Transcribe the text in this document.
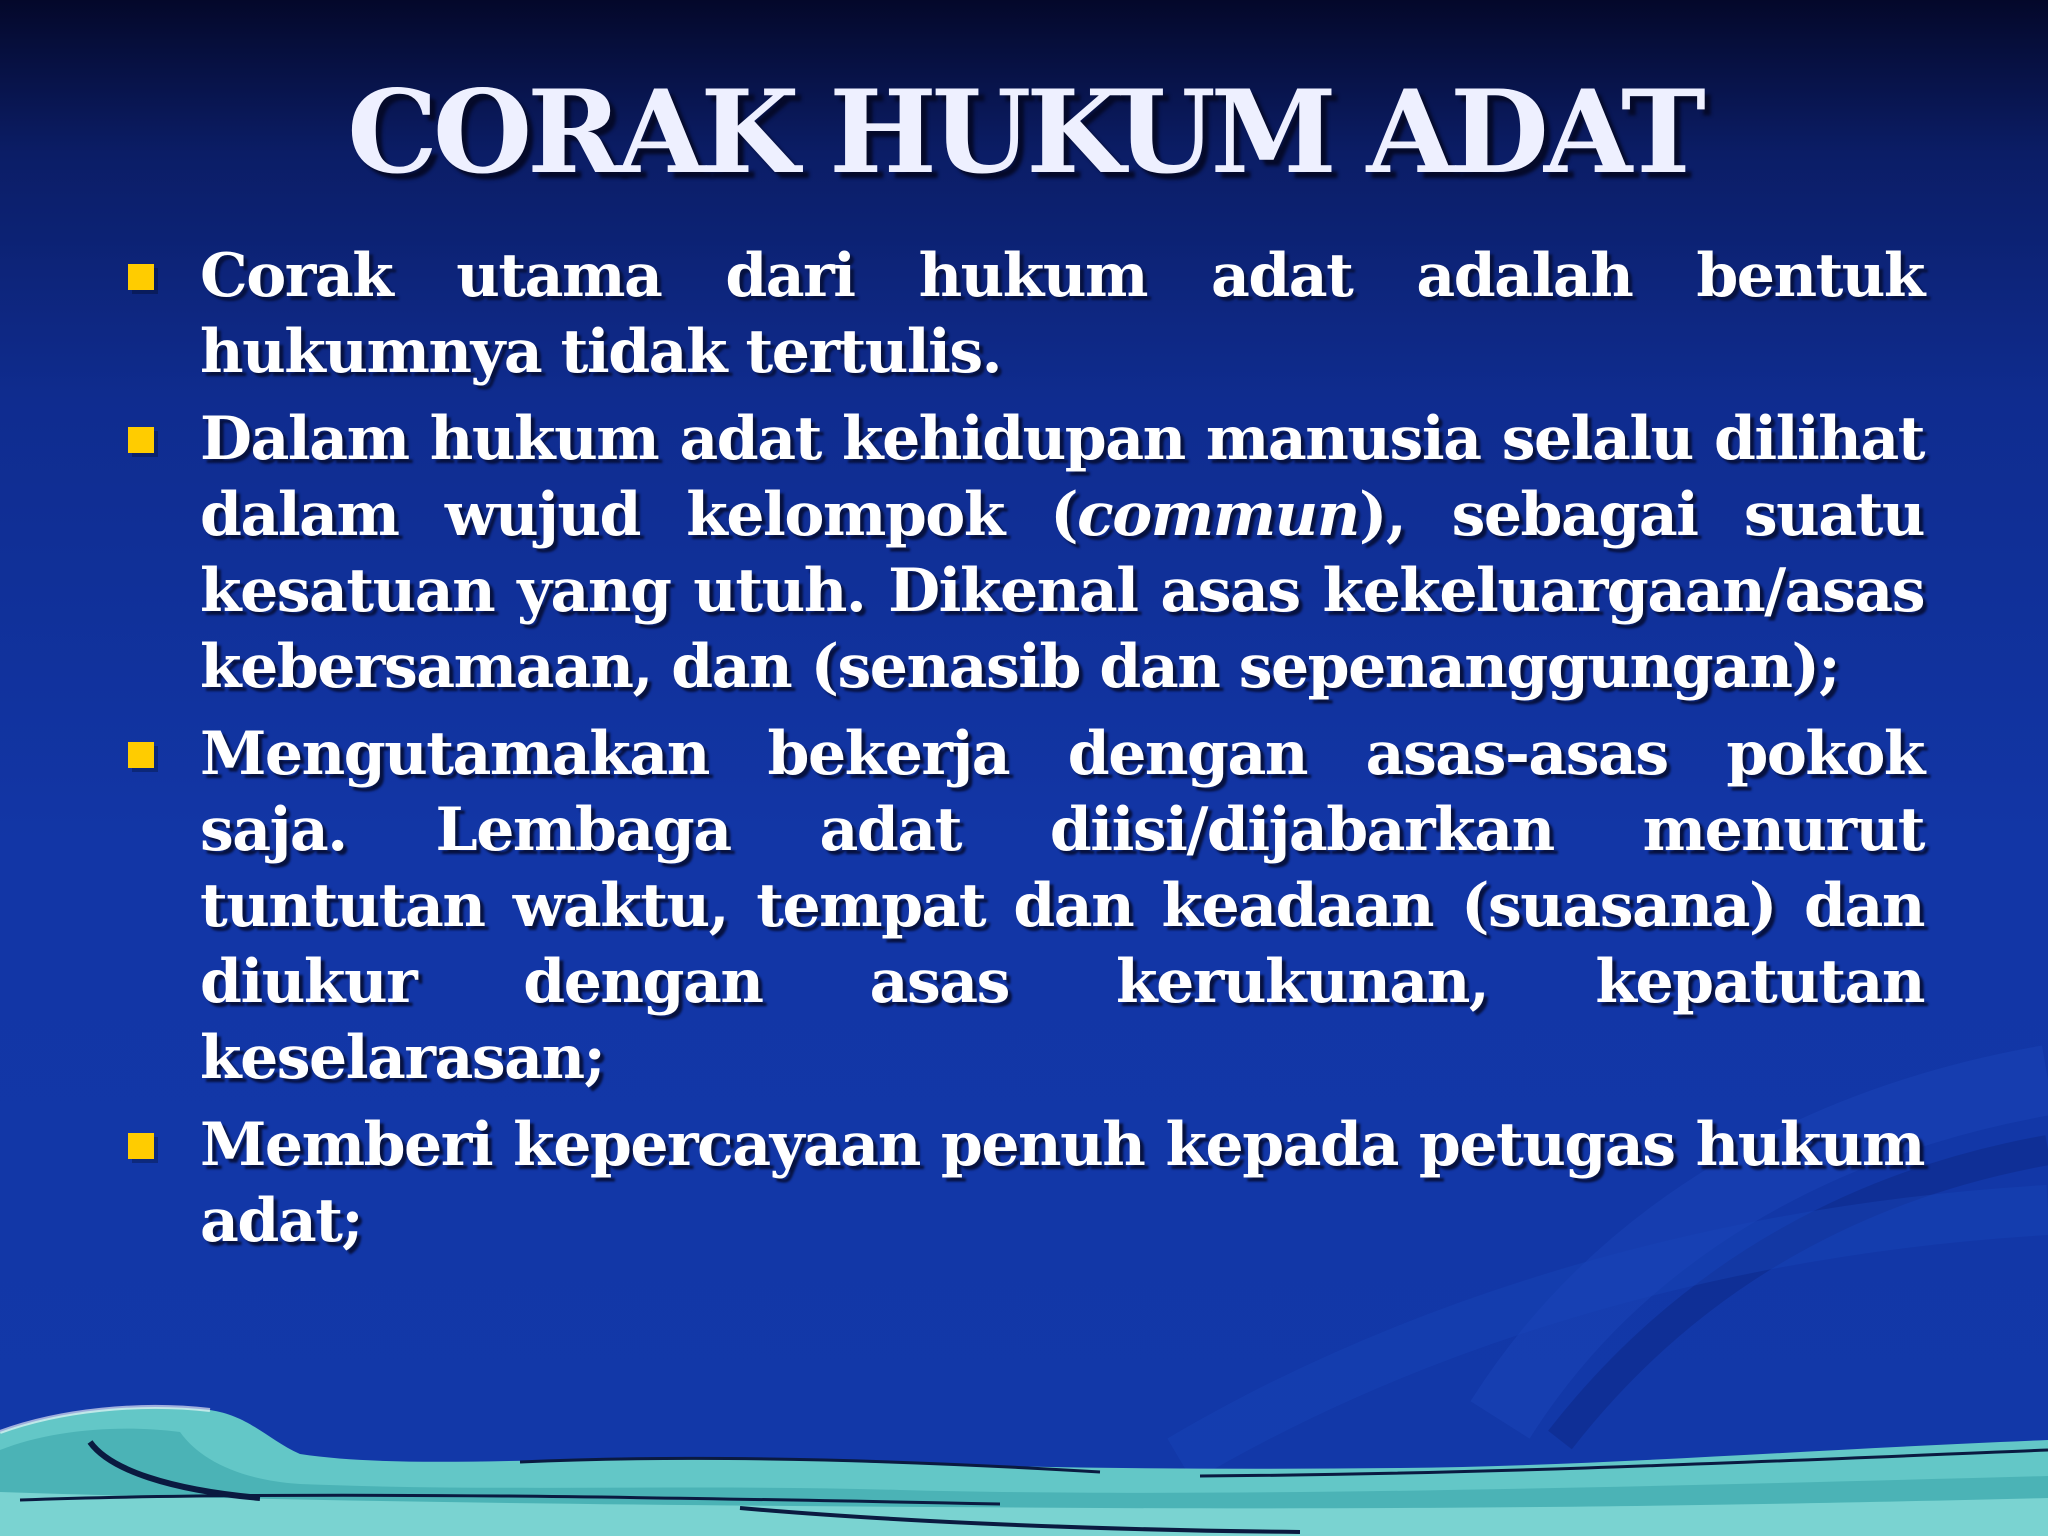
CORAK HUKUM ADAT
Corak utama dari hukum adat adalah bentuk hukumnya tidak tertulis.
Dalam hukum adat kehidupan manusia selalu dilihat dalam wujud kelompok (commun), sebagai suatu kesatuan yang utuh. Dikenal asas kekeluargaan/asas kebersamaan, dan (senasib dan sepenanggungan);
Mengutamakan bekerja dengan asas-asas pokok saja. Lembaga adat diisi/dijabarkan menurut tuntutan waktu, tempat dan keadaan (suasana) dan diukur dengan asas kerukunan, kepatutan keselarasan;
Memberi kepercayaan penuh kepada petugas hukum adat;
